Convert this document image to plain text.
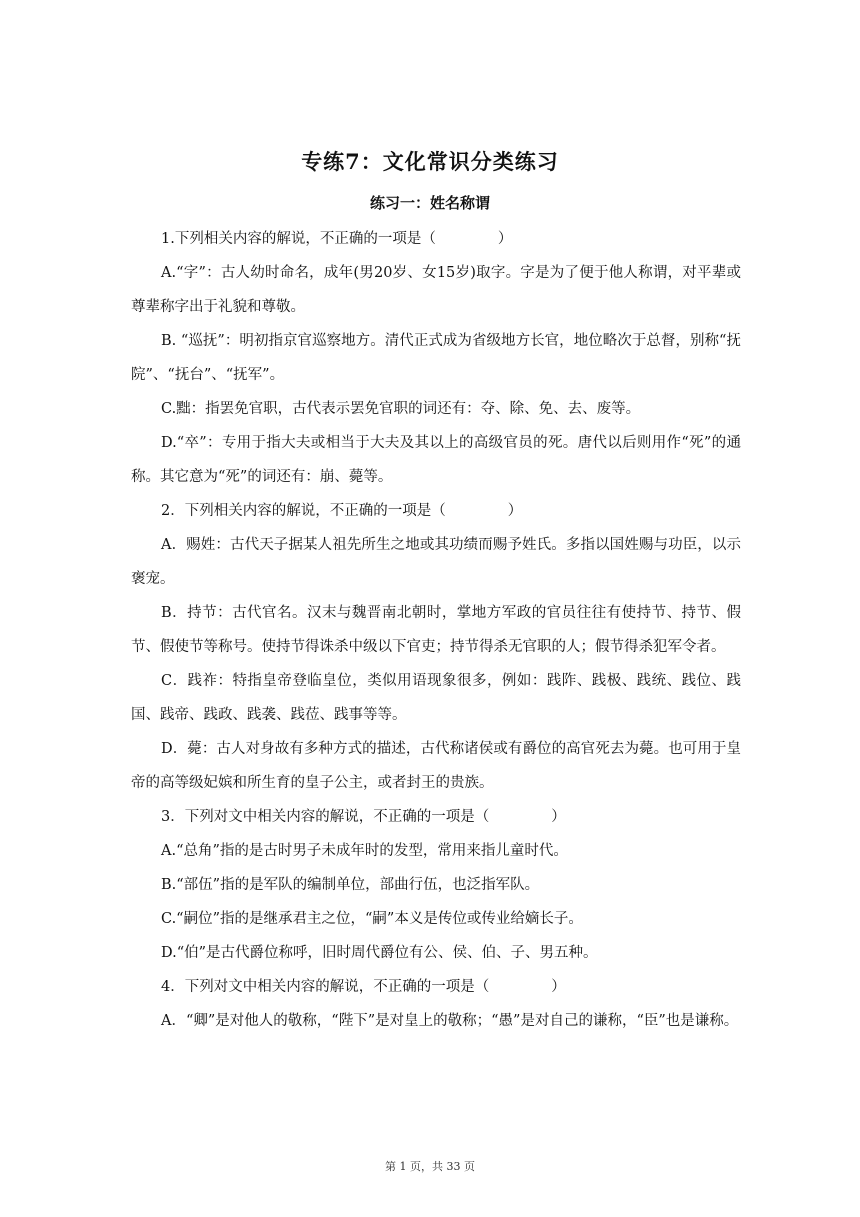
专练7：文化常识分类练习
练习一：姓名称谓

1.下列相关内容的解说，不正确的一项是（	）

A.“字”：古人幼时命名，成年(男20岁、女15岁)取字。字是为了便于他人称谓，对平辈或尊辈称字出于礼貌和尊敬。

B. “巡抚”：明初指京官巡察地方。清代正式成为省级地方长官，地位略次于总督，别称“抚院”、“抚台”、“抚军”。

C.黜：指罢免官职，古代表示罢免官职的词还有：夺、除、免、去、废等。

D.“卒”：专用于指大夫或相当于大夫及其以上的高级官员的死。唐代以后则用作“死”的通称。其它意为“死”的词还有：崩、薨等。

2．下列相关内容的解说，不正确的一项是（	）

A．赐姓：古代天子据某人祖先所生之地或其功绩而赐予姓氏。多指以国姓赐与功臣，以示褒宠。

B．持节：古代官名。汉末与魏晋南北朝时，掌地方军政的官员往往有使持节、持节、假节、假使节等称号。使持节得诛杀中级以下官吏；持节得杀无官职的人；假节得杀犯军令者。

C．践祚：特指皇帝登临皇位，类似用语现象很多，例如：践阼、践极、践统、践位、践国、践帝、践政、践袭、践莅、践事等等。

D．薨：古人对身故有多种方式的描述，古代称诸侯或有爵位的高官死去为薨。也可用于皇帝的高等级妃嫔和所生育的皇子公主，或者封王的贵族。

3．下列对文中相关内容的解说，不正确的一项是（	）

A.“总角”指的是古时男子未成年时的发型，常用来指儿童时代。

B.“部伍”指的是军队的编制单位，部曲行伍，也泛指军队。

C.“嗣位”指的是继承君主之位，“嗣”本义是传位或传业给嫡长子。

D.“伯”是古代爵位称呼，旧时周代爵位有公、侯、伯、子、男五种。

4．下列对文中相关内容的解说，不正确的一项是（	）

A．“卿”是对他人的敬称，“陛下”是对皇上的敬称；“愚”是对自己的谦称，“臣”也是谦称。

第 1 页，共 33 页
